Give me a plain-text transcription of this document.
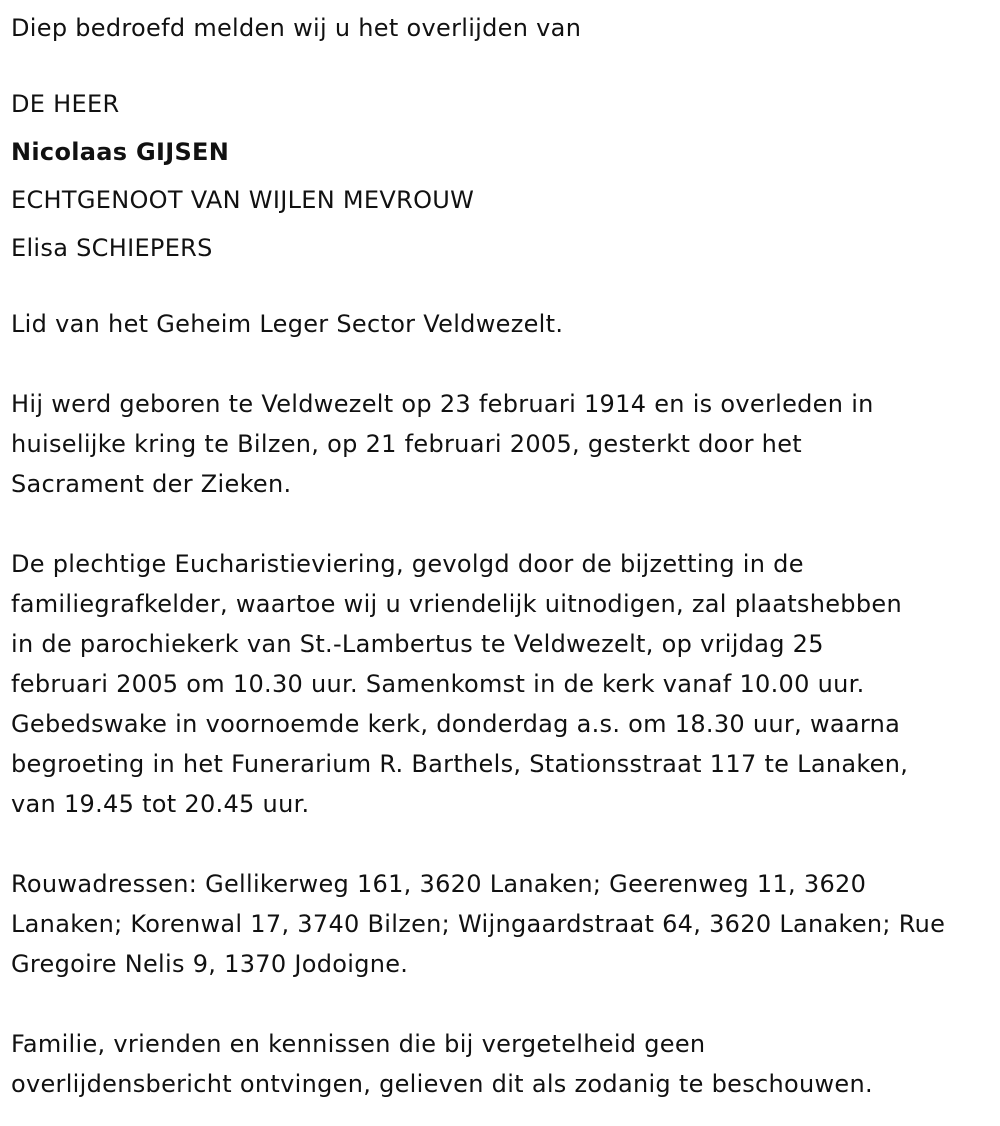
Diep bedroefd melden wij u het overlijden van

DE HEER

Nicolaas GIJSEN

ECHTGENOOT VAN WIJLEN MEVROUW

Elisa SCHIEPERS

Lid van het Geheim Leger Sector Veldwezelt.

Hij werd geboren te Veldwezelt op 23 februari 1914 en is overleden in

huiselijke kring te Bilzen, op 21 februari 2005, gesterkt door het

Sacrament der Zieken.

De plechtige Eucharistieviering, gevolgd door de bijzetting in de

familiegrafkelder, waartoe wij u vriendelijk uitnodigen, zal plaatshebben

in de parochiekerk van St.-Lambertus te Veldwezelt, op vrijdag 25

februari 2005 om 10.30 uur. Samenkomst in de kerk vanaf 10.00 uur.

Gebedswake in voornoemde kerk, donderdag a.s. om 18.30 uur, waarna

begroeting in het Funerarium R. Barthels, Stationsstraat 117 te Lanaken,

van 19.45 tot 20.45 uur.

Rouwadressen: Gellikerweg 161, 3620 Lanaken; Geerenweg 11, 3620

Lanaken; Korenwal 17, 3740 Bilzen; Wijngaardstraat 64, 3620 Lanaken; Rue

Gregoire Nelis 9, 1370 Jodoigne.

Familie, vrienden en kennissen die bij vergetelheid geen

overlijdensbericht ontvingen, gelieven dit als zodanig te beschouwen.
